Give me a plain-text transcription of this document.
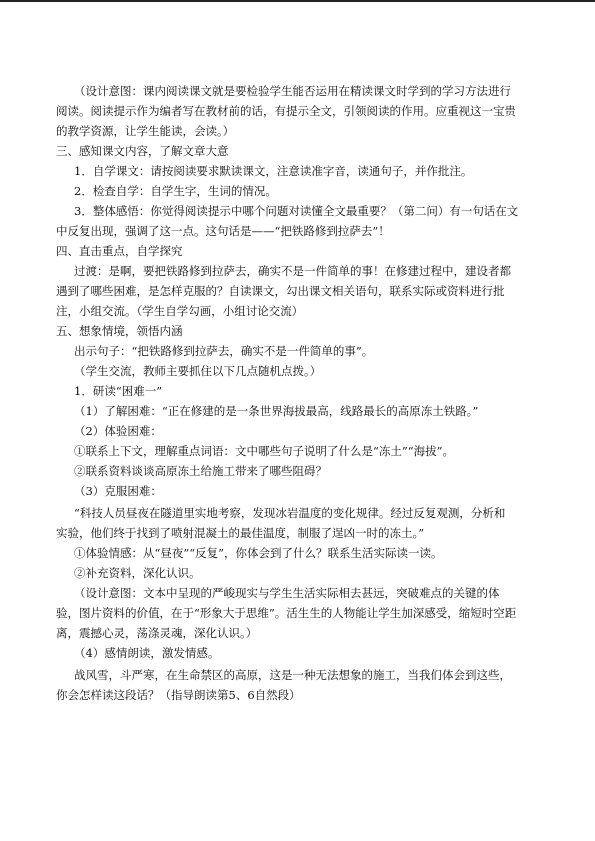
（设计意图：课内阅读课文就是要检验学生能否运用在精读课文时学到的学习方法进行
阅读。阅读提示作为编者写在教材前的话，有提示全文，引领阅读的作用。应重视这一宝贵
的教学资源，让学生能读，会读。）
三、感知课文内容，了解文章大意
1．自学课文：请按阅读要求默读课文，注意读准字音，读通句子，并作批注。
2．检查自学：自学生字，生词的情况。
3．整体感悟：你觉得阅读提示中哪个问题对读懂全文最重要？（第二问）有一句话在文
中反复出现，强调了这一点。这句话是——“把铁路修到拉萨去”！
四、直击重点，自学探究
过渡：是啊，要把铁路修到拉萨去，确实不是一件简单的事！在修建过程中，建设者都
遇到了哪些困难，是怎样克服的？自读课文，勾出课文相关语句，联系实际或资料进行批
注，小组交流。（学生自学勾画，小组讨论交流）
五、想象情境，领悟内涵
出示句子：“把铁路修到拉萨去，确实不是一件简单的事”。
（学生交流，教师主要抓住以下几点随机点拨。）
1．研读“困难一”
（1）了解困难：“正在修建的是一条世界海拔最高，线路最长的高原冻土铁路。”
（2）体验困难：
①联系上下文，理解重点词语：文中哪些句子说明了什么是“冻土”“海拔”。
②联系资料谈谈高原冻土给施工带来了哪些阻碍？
（3）克服困难：
“科技人员昼夜在隧道里实地考察，发现冰岩温度的变化规律。经过反复观测，分析和
实验，他们终于找到了喷射混凝土的最佳温度，制服了逞凶一时的冻土。”
①体验情感：从“昼夜”“反复”，你体会到了什么？联系生活实际读一读。
②补充资料，深化认识。
（设计意图：文本中呈现的严峻现实与学生生活实际相去甚远，突破难点的关键的体
验，图片资料的价值，在于“形象大于思维”。活生生的人物能让学生加深感受，缩短时空距
离，震撼心灵，荡涤灵魂，深化认识。）
（4）感情朗读，激发情感。
战风雪，斗严寒，在生命禁区的高原，这是一种无法想象的施工，当我们体会到这些，
你会怎样读这段话？（指导朗读第5、6自然段）
